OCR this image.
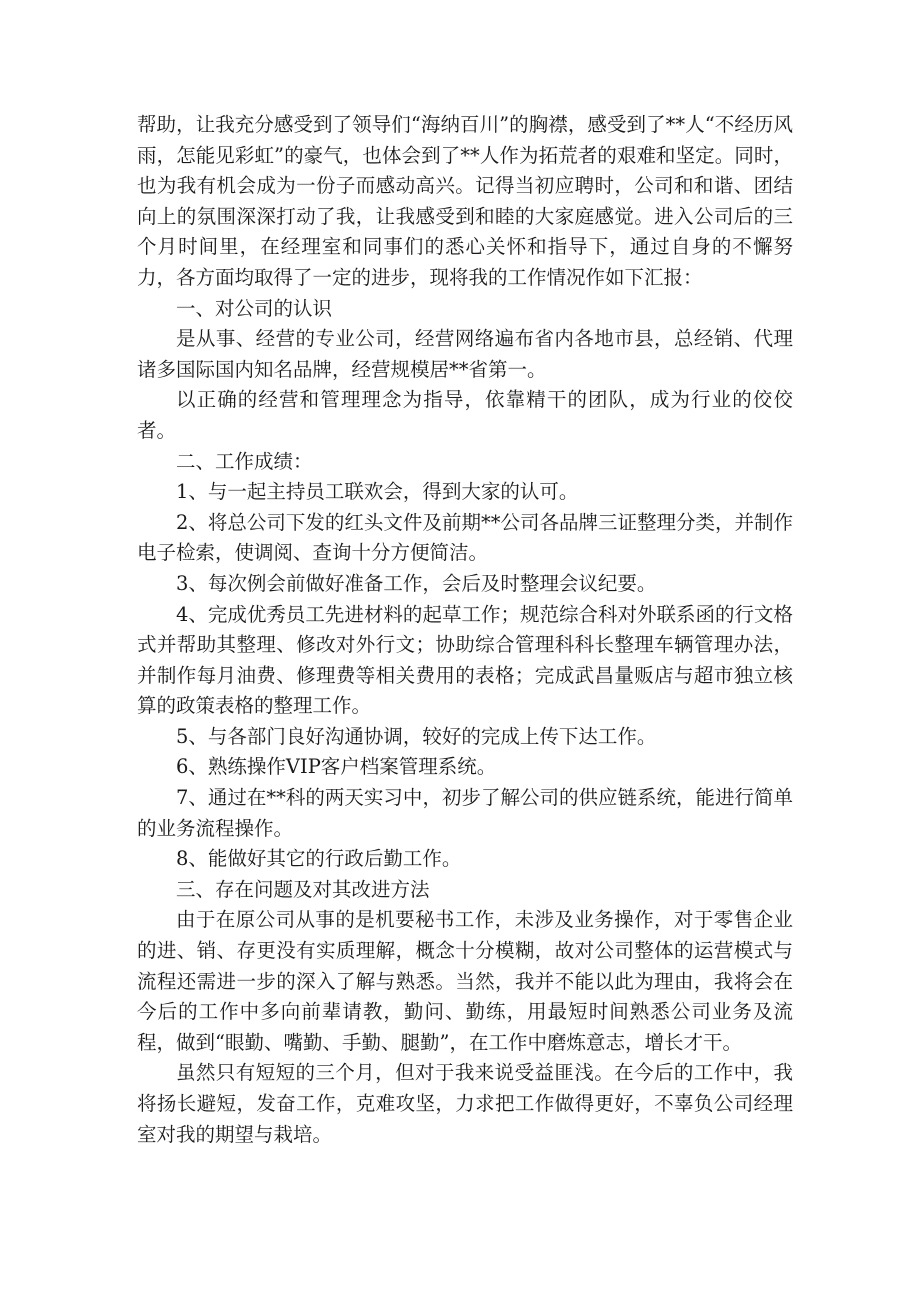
帮助，让我充分感受到了领导们“海纳百川”的胸襟，感受到了**人“不经历风雨，怎能见彩虹”的豪气，也体会到了**人作为拓荒者的艰难和坚定。同时，也为我有机会成为一份子而感动高兴。记得当初应聘时，公司和和谐、团结向上的氛围深深打动了我，让我感受到和睦的大家庭感觉。进入公司后的三个月时间里，在经理室和同事们的悉心关怀和指导下，通过自身的不懈努力，各方面均取得了一定的进步，现将我的工作情况作如下汇报：

一、对公司的认识

是从事、经营的专业公司，经营网络遍布省内各地市县，总经销、代理诸多国际国内知名品牌，经营规模居**省第一。

以正确的经营和管理理念为指导，依靠精干的团队，成为行业的佼佼者。

二、工作成绩：

1、与一起主持员工联欢会，得到大家的认可。

2、将总公司下发的红头文件及前期**公司各品牌三证整理分类，并制作电子检索，使调阅、查询十分方便简洁。

3、每次例会前做好准备工作，会后及时整理会议纪要。

4、完成优秀员工先进材料的起草工作；规范综合科对外联系函的行文格式并帮助其整理、修改对外行文；协助综合管理科科长整理车辆管理办法，并制作每月油费、修理费等相关费用的表格；完成武昌量贩店与超市独立核算的政策表格的整理工作。

5、与各部门良好沟通协调，较好的完成上传下达工作。

6、熟练操作VIP客户档案管理系统。

7、通过在**科的两天实习中，初步了解公司的供应链系统，能进行简单的业务流程操作。

8、能做好其它的行政后勤工作。

三、存在问题及对其改进方法

由于在原公司从事的是机要秘书工作，未涉及业务操作，对于零售企业的进、销、存更没有实质理解，概念十分模糊，故对公司整体的运营模式与流程还需进一步的深入了解与熟悉。当然，我并不能以此为理由，我将会在今后的工作中多向前辈请教，勤问、勤练，用最短时间熟悉公司业务及流程，做到“眼勤、嘴勤、手勤、腿勤”，在工作中磨炼意志，增长才干。

虽然只有短短的三个月，但对于我来说受益匪浅。在今后的工作中，我将扬长避短，发奋工作，克难攻坚，力求把工作做得更好，不辜负公司经理室对我的期望与栽培。
